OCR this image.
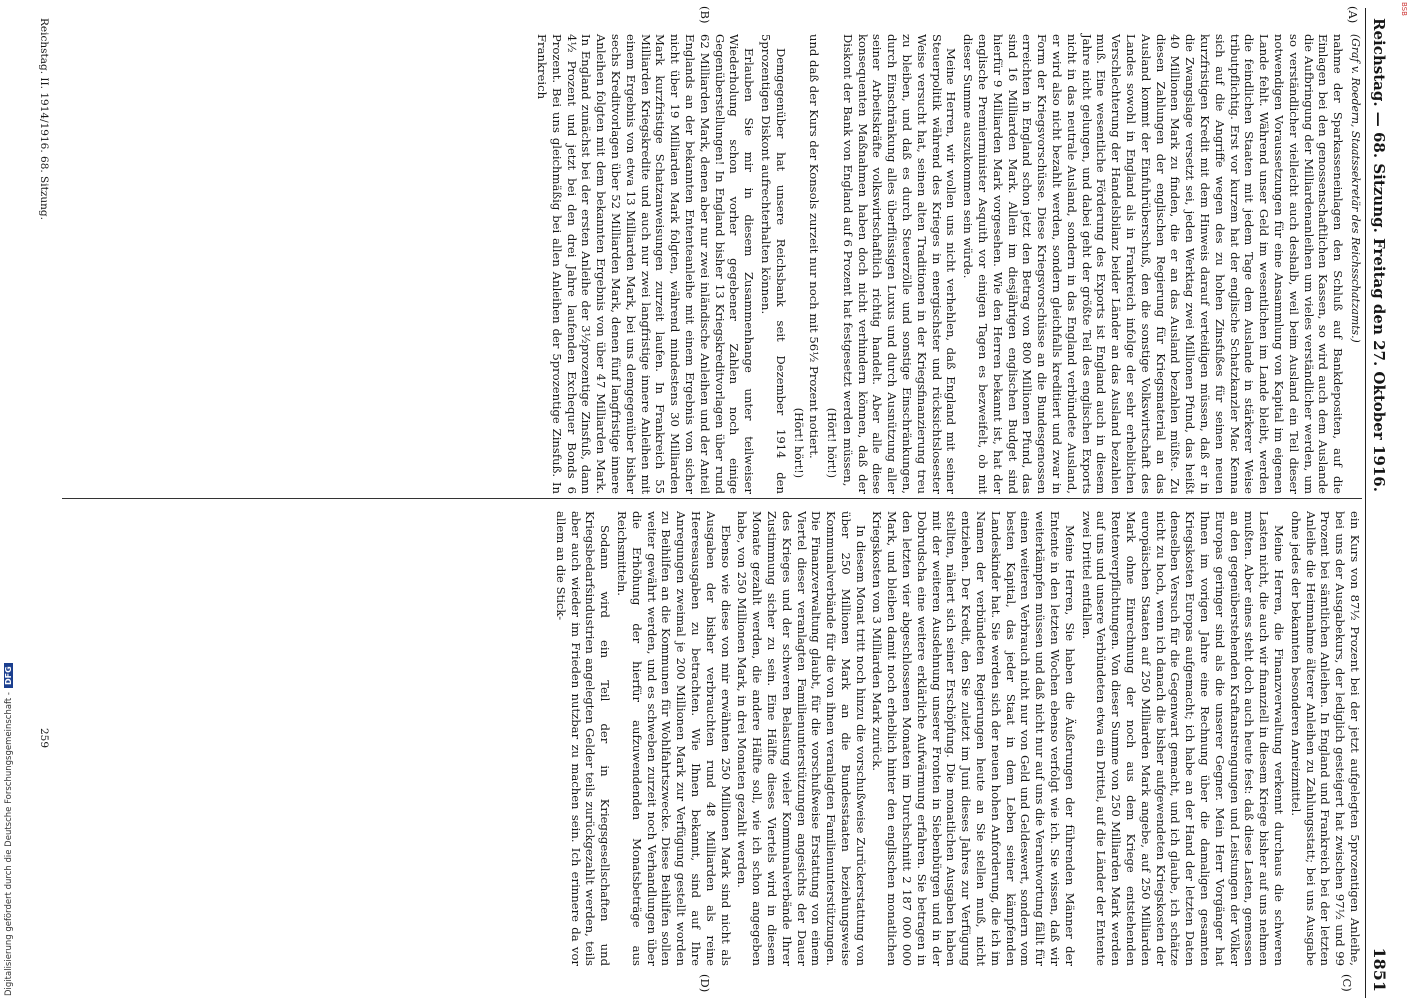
Reichstag. — 68. Sitzung. Freitag den 27. Oktober 1916.
1851
(A)
(B)
(C)
(D)

(Graf v. Roedern, Staatssekretär des Reichsschatzamts.)

nahme der Sparkasseneinlagen den Schluß auf Bankdepositen, auf die Einlagen bei den genossenschaftlichen Kassen, so wird auch dem Auslande die Aufbringung der Milliardenanleihen um vieles verständlicher werden, um so verständlicher vielleicht auch deshalb, weil beim Ausland ein Teil dieser notwendigen Voraussetzungen für eine Ansammlung von Kapital im eigenen Lande fehlt. Während unser Geld im wesentlichen im Lande bleibt, werden die feindlichen Staaten mit jedem Tage dem Auslande in stärkerer Weise tributpflichtig. Erst vor kurzem hat der englische Schatzkanzler Mac Kenna sich auf die Angriffe wegen des zu hohen Zinsfußes für seinen neuen kurzfristigen Kredit mit dem Hinweis darauf verteidigen müssen, daß er in die Zwangslage versetzt sei, jeden Werktag zwei Millionen Pfund, das heißt 40 Millionen Mark zu finden, die er an das Ausland bezahlen müßte. Zu diesen Zahlungen der englischen Regierung für Kriegsmaterial an das Ausland kommt der Einfuhrüberschuß, den die sonstige Volkswirtschaft des Landes sowohl in England als in Frankreich infolge der sehr erheblichen Verschlechterung der Handelsbilanz beider Länder an das Ausland bezahlen muß. Eine wesentliche Förderung des Exports ist England auch in diesem Jahre nicht gelungen, und dabei geht der größte Teil des englischen Exports nicht in das neutrale Ausland, sondern in das England verbündete Ausland, er wird also nicht bezahlt werden, sondern gleichfalls kreditiert und zwar in Form der Kriegsvorschüsse. Diese Kriegsvorschüsse an die Bundesgenossen erreichten in England schon jetzt den Betrag von 800 Millionen Pfund, das sind 16 Milliarden Mark. Allein im diesjährigen englischen Budget sind hierfür 9 Milliarden Mark vorgesehen. Wie den Herren bekannt ist, hat der englische Premierminister Asquith vor einigen Tagen es bezweifelt, ob mit dieser Summe auszukommen sein würde.

Meine Herren, wir wollen uns nicht verhehlen, daß England mit seiner Steuerpolitik während des Krieges in energischster und rücksichtslosester Weise versucht hat, seinen alten Traditionen in der Kriegsfinanzierung treu zu bleiben, und daß es durch Steuerzölle und sonstige Einschränkungen, durch Einschränkung alles überflüssigen Luxus und durch Ausnützung aller seiner Arbeitskräfte volkswirtschaftlich richtig handelt. Aber alle diese konsequenten Maßnahmen haben doch nicht verhindern können, daß der Diskont der Bank von England auf 6 Prozent hat festgesetzt werden müssen,

(Hört! hört!)

und daß der Kurs der Konsols zurzeit nur noch mit 56½ Prozent notiert.

(Hört! hört!)

Demgegenüber hat unsere Reichsbank seit Dezember 1914 den 5prozentigen Diskont aufrechterhalten können.

Erlauben Sie mir in diesem Zusammenhange unter teilweiser Wiederholung schon vorher gegebener Zahlen noch einige Gegenüberstellungen! In England bisher 13 Kriegskreditvorlagen über rund 62 Milliarden Mark, denen aber nur zwei inländische Anleihen und der Anteil Englands an der bekannten Ententeanleihe mit einem Ergebnis von sicher nicht über 19 Milliarden Mark folgten, während mindestens 30 Milliarden Mark kurzfristige Schatzanweisungen zurzeit laufen. In Frankreich 55 Milliarden Kriegskredite und auch nur zwei langfristige innere Anleihen mit einem Ergebnis von etwa 13 Milliarden Mark, bei uns demgegenüber bisher sechs Kreditvorlagen über 52 Milliarden Mark, denen fünf langfristige innere Anleihen folgten mit dem bekannten Ergebnis von über 47 Milliarden Mark. In England zunächst bei der ersten Anleihe der 3½prozentige Zinsfuß, dann 4½ Prozent und jetzt bei den drei Jahre laufenden Exchequer Bonds 6 Prozent. Bei uns gleichmäßig bei allen Anleihen der 5prozentige Zinsfuß. In Frankreich

ein Kurs von 87½ Prozent bei der jetzt aufgelegten 5prozentigen Anleihe, bei uns der Ausgabekurs, der lediglich gesteigert hat zwischen 97½ und 99 Prozent bei sämtlichen Anleihen. In England und Frankreich bei der letzten Anleihe die Heimnahme älterer Anleihen zu Zahlungsstatt; bei uns Ausgabe ohne jedes der bekannten besonderen Anreizmittel.

Meine Herren, die Finanzverwaltung verkennt durchaus die schweren Lasten nicht, die auch wir finanziell in diesem Kriege bisher auf uns nehmen mußten. Aber eines steht doch auch heute fest: daß diese Lasten, gemessen an den gegenüberstehenden Kraftanstrengungen und Leistungen der Völker Europas geringer sind als die unserer Gegner. Mein Herr Vorgänger hat Ihnen im vorigen Jahre eine Rechnung über die damaligen gesamten Kriegskosten Europas aufgemacht; ich habe an der Hand der letzten Daten denselben Versuch für die Gegenwart gemacht, und ich glaube, ich schätze nicht zu hoch, wenn ich danach die bisher aufgewendeten Kriegskosten der europäischen Staaten auf 250 Milliarden Mark angebe, auf 250 Milliarden Mark ohne Einrechnung der noch aus dem Kriege entstehenden Rentenverpflichtungen. Von dieser Summe von 250 Milliarden Mark werden auf uns und unsere Verbündeten etwa ein Drittel, auf die Länder der Entente zwei Drittel entfallen.

Meine Herren, Sie haben die Äußerungen der führenden Männer der Entente in den letzten Wochen ebenso verfolgt wie ich. Sie wissen, daß wir weiterkämpfen müssen und daß nicht nur auf uns die Verantwortung fällt für einen weiteren Verbrauch nicht nur von Geld und Geldeswert, sondern vom besten Kapital, das jeder Staat in dem Leben seiner kämpfenden Landeskinder hat. Sie werden sich der neuen hohen Anforderung, die ich im Namen der verbündeten Regierungen heute an Sie stellen muß, nicht entziehen. Der Kredit, den Sie zuletzt im Juni dieses Jahres zur Verfügung stellten, nähert sich seiner Erschöpfung. Die monatlichen Ausgaben haben mit der weiteren Ausdehnung unserer Fronten in Siebenbürgen und in der Dobrudscha eine weitere erklärliche Aufwärmung erfahren. Sie betragen in den letzten vier abgeschlossenen Monaten im Durchschnitt 2 187 000 000 Mark, und bleiben damit noch erheblich hinter den englischen monatlichen Kriegskosten von 3 Milliarden Mark zurück.

In diesem Monat tritt noch hinzu die vorschußweise Zurückerstattung von über 250 Millionen Mark an die Bundesstaaten beziehungsweise Kommunalverbände für die von ihnen veranlagten Familienunterstützungen. Die Finanzverwaltung glaubt, für die vorschußweise Erstattung von einem Viertel dieser veranlagten Familienunterstützungen angesichts der Dauer des Krieges und der schweren Belastung vieler Kommunalverbände Ihrer Zustimmung sicher zu sein. Eine Hälfte dieses Viertels wird in diesem Monate gezahlt werden, die andere Hälfte soll, wie ich schon angegeben habe, von 250 Millionen Mark, in drei Monaten gezahlt werden.

Ebenso wie diese von mir erwähnten 250 Millionen Mark sind nicht als Ausgaben der bisher verbrauchten rund 48 Milliarden als reine Heeresausgaben zu betrachten. Wie Ihnen bekannt, sind auf Ihre Anregungen zweimal je 200 Millionen Mark zur Verfügung gestellt worden zu Beihilfen an die Kommunen für Wohlfahrtszwecke. Diese Beihilfen sollen weiter gewährt werden, und es schweben zurzeit noch Verhandlungen über die Erhöhung der hierfür aufzuwendenden Monatsbeträge aus Reichsmitteln.

Sodann wird ein Teil der in Kriegsgesellschaften und Kriegsbedarfsindustrien angelegten Gelder teils zurückgezahlt werden, teils aber auch wieder im Frieden nutzbar zu machen sein. Ich erinnere da vor allem an die Stick-

Reichstag. II. 1914/1916. 68. Sitzung.
259
Digitalisierung gefördert durch die Deutsche Forschungsgemeinschaft -DFG
BSB
